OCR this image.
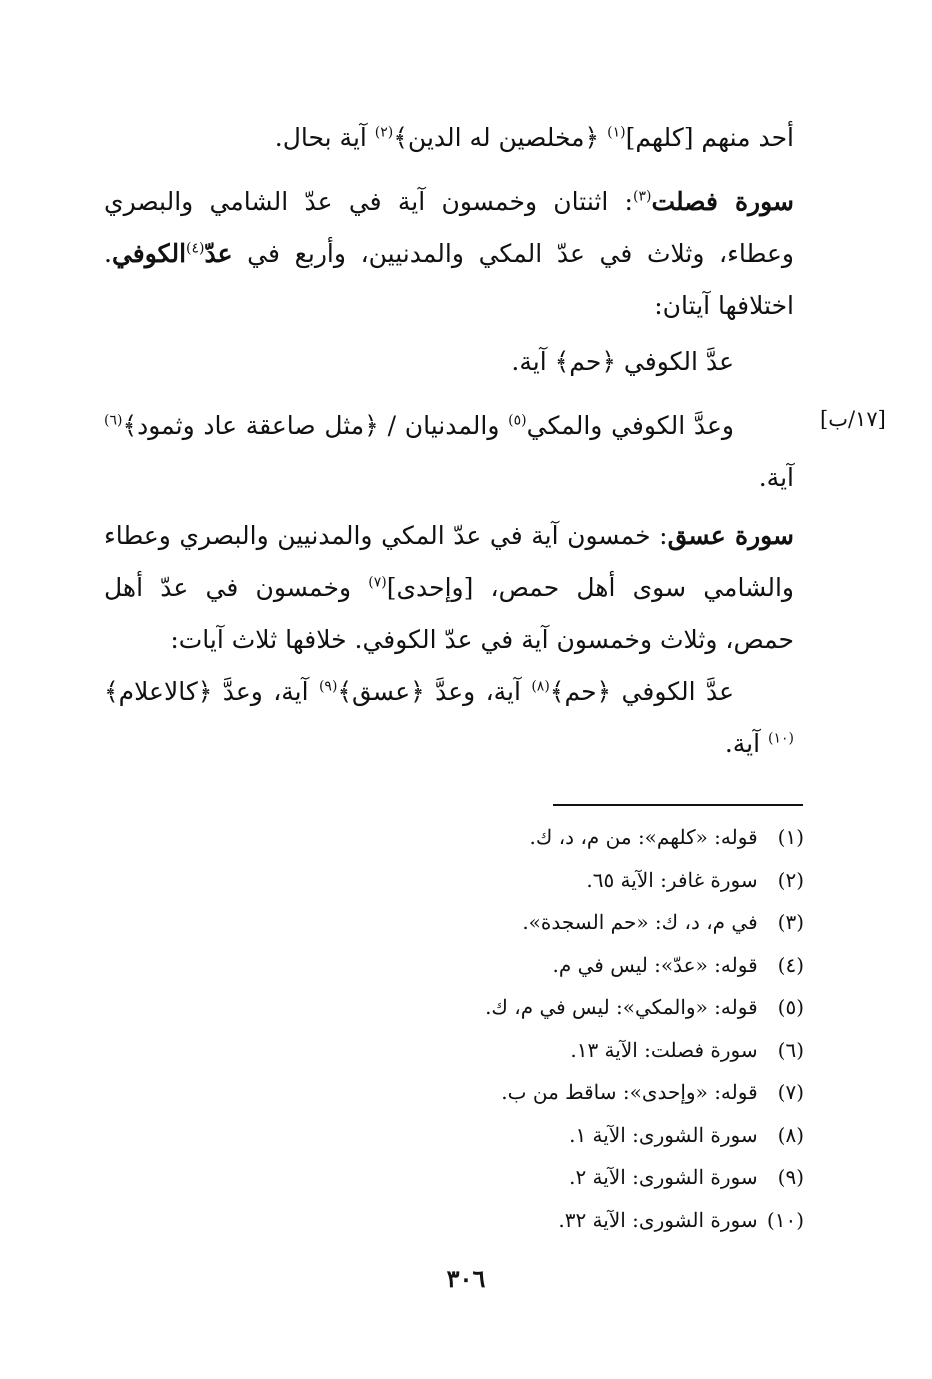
أحد منهم [كلهم]$^{(١)}$ ﴿مخلصين له الدين﴾$^{(٢)}$ آية بحال.
سورة فصلت$^{(٣)}$: اثنتان وخمسون آية في عدّ الشامي والبصري وعطاء، وثلاث في عدّ المكي والمدنيين، وأربع في عدّ$^{(٤)}$الكوفي. اختلافها آيتان:
عدَّ الكوفي ﴿حم﴾ آية.
وعدَّ الكوفي والمكي$^{(٥)}$ والمدنيان / ﴿مثل صاعقة عاد وثمود﴾$^{(٦)}$ آية.
[١٧/ب]
سورة عسق: خمسون آية في عدّ المكي والمدنيين والبصري وعطاء والشامي سوى أهل حمص، [وإحدى]$^{(٧)}$ وخمسون في عدّ أهل حمص، وثلاث وخمسون آية في عدّ الكوفي. خلافها ثلاث آيات:
عدَّ الكوفي ﴿حم﴾$^{(٨)}$ آية، وعدَّ ﴿عسق﴾$^{(٩)}$ آية، وعدَّ ﴿كالاعلام﴾$^{(١٠)}$ آية.
(١) قوله: «كلهم»: من م، د، ك.
(٢) سورة غافر: الآية ٦٥.
(٣) في م، د، ك: «حم السجدة».
(٤) قوله: «عدّ»: ليس في م.
(٥) قوله: «والمكي»: ليس في م، ك.
(٦) سورة فصلت: الآية ١٣.
(٧) قوله: «وإحدى»: ساقط من ب.
(٨) سورة الشورى: الآية ١.
(٩) سورة الشورى: الآية ٢.
(١٠) سورة الشورى: الآية ٣٢.
٣٠٦
